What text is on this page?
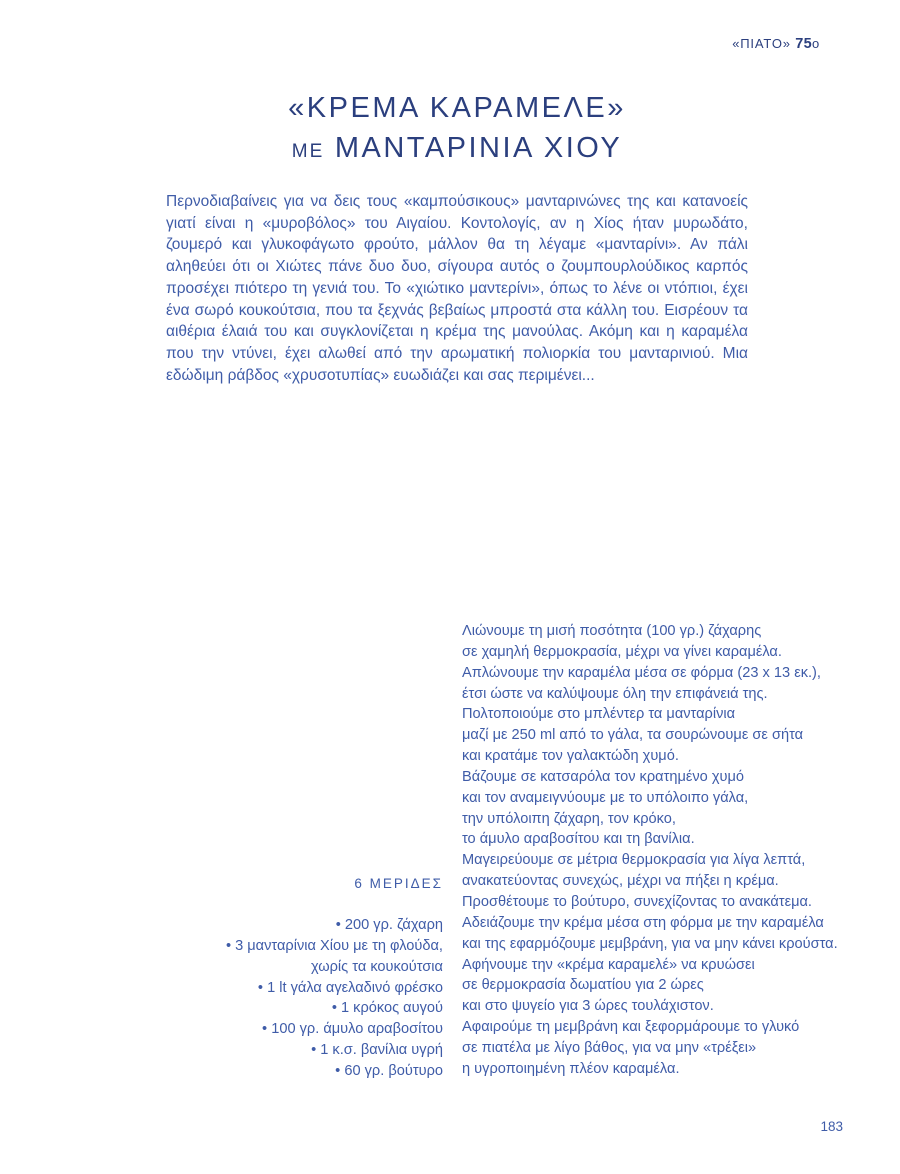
«ΠΙΑΤΟ» 75ο
«ΚΡΕΜΑ ΚΑΡΑΜΕΛΕ»
ΜΕ ΜΑΝΤΑΡΙΝΙΑ ΧΙΟΥ

Περνοδιαβαίνεις για να δεις τους «καμπούσικους» μανταρινώνες της και κατανοείς γιατί είναι η «μυροβόλος» του Αιγαίου. Κοντολογίς, αν η Χίος ήταν μυρωδάτο, ζουμερό και γλυκοφάγωτο φρούτο, μάλλον θα τη λέγαμε «μανταρίνι». Αν πάλι αληθεύει ότι οι Χιώτες πάνε δυο δυο, σίγουρα αυτός ο ζουμπουρλούδικος καρπός προσέχει πιότερο τη γενιά του. Το «χιώτικο μαντερίνι», όπως το λένε οι ντόπιοι, έχει ένα σωρό κουκούτσια, που τα ξεχνάς βεβαίως μπροστά στα κάλλη του. Εισρέουν τα αιθέρια έλαιά του και συγκλονίζεται η κρέμα της μανούλας. Ακόμη και η καραμέλα που την ντύνει, έχει αλωθεί από την αρωματική πολιορκία του μανταρινιού. Μια εδώδιμη ράβδος «χρυσοτυπίας» ευωδιάζει και σας περιμένει...

Λιώνουμε τη μισή ποσότητα (100 γρ.) ζάχαρης
σε χαμηλή θερμοκρασία, μέχρι να γίνει καραμέλα.
Απλώνουμε την καραμέλα μέσα σε φόρμα (23 x 13 εκ.),
έτσι ώστε να καλύψουμε όλη την επιφάνειά της.
Πολτοποιούμε στο μπλέντερ τα μανταρίνια
μαζί με 250 ml από το γάλα, τα σουρώνουμε σε σήτα
και κρατάμε τον γαλακτώδη χυμό.
Βάζουμε σε κατσαρόλα τον κρατημένο χυμό
και τον αναμειγνύουμε με το υπόλοιπο γάλα,
την υπόλοιπη ζάχαρη, τον κρόκο,
το άμυλο αραβοσίτου και τη βανίλια.
Μαγειρεύουμε σε μέτρια θερμοκρασία για λίγα λεπτά,
ανακατεύοντας συνεχώς, μέχρι να πήξει η κρέμα.
Προσθέτουμε το βούτυρο, συνεχίζοντας το ανακάτεμα.
Αδειάζουμε την κρέμα μέσα στη φόρμα με την καραμέλα
και της εφαρμόζουμε μεμβράνη, για να μην κάνει κρούστα.
Αφήνουμε την «κρέμα καραμελέ» να κρυώσει
σε θερμοκρασία δωματίου για 2 ώρες
και στο ψυγείο για 3 ώρες τουλάχιστον.
Αφαιρούμε τη μεμβράνη και ξεφορμάρουμε το γλυκό
σε πιατέλα με λίγο βάθος, για να μην «τρέξει»
η υγροποιημένη πλέον καραμέλα.
6 ΜΕΡΙΔΕΣ
• 200 γρ. ζάχαρη
• 3 μανταρίνια Χίου με τη φλούδα,
χωρίς τα κουκούτσια
• 1 lt γάλα αγελαδινό φρέσκο
• 1 κρόκος αυγού
• 100 γρ. άμυλο αραβοσίτου
• 1 κ.σ. βανίλια υγρή
• 60 γρ. βούτυρο
183
